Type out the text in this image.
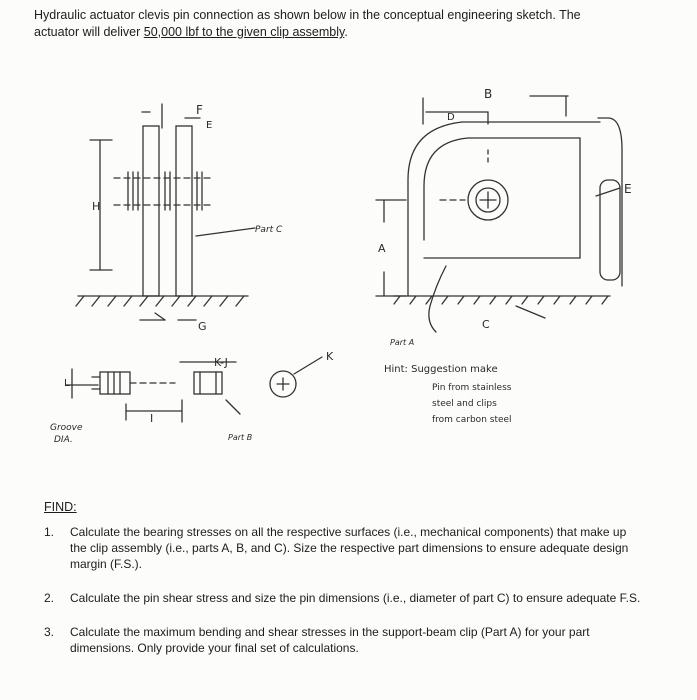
Hydraulic actuator clevis pin connection as shown below in the conceptual engineering sketch. The
actuator will deliver 50,000 lbf to the given clip assembly.
F
E
H
Part C
G
K-J
L
I
Groove
DIA.	Part B
K
B
D
E
A
C
Part A
Hint: Suggestion make
Pin from stainless
steel and clips
from carbon steel
FIND:
1. Calculate the bearing stresses on all the respective surfaces (i.e., mechanical components) that make up the clip assembly (i.e., parts A, B, and C). Size the respective part dimensions to ensure adequate design margin (F.S.).
2. Calculate the pin shear stress and size the pin dimensions (i.e., diameter of part C) to ensure adequate F.S.
3. Calculate the maximum bending and shear stresses in the support-beam clip (Part A) for your part dimensions. Only provide your final set of calculations.
